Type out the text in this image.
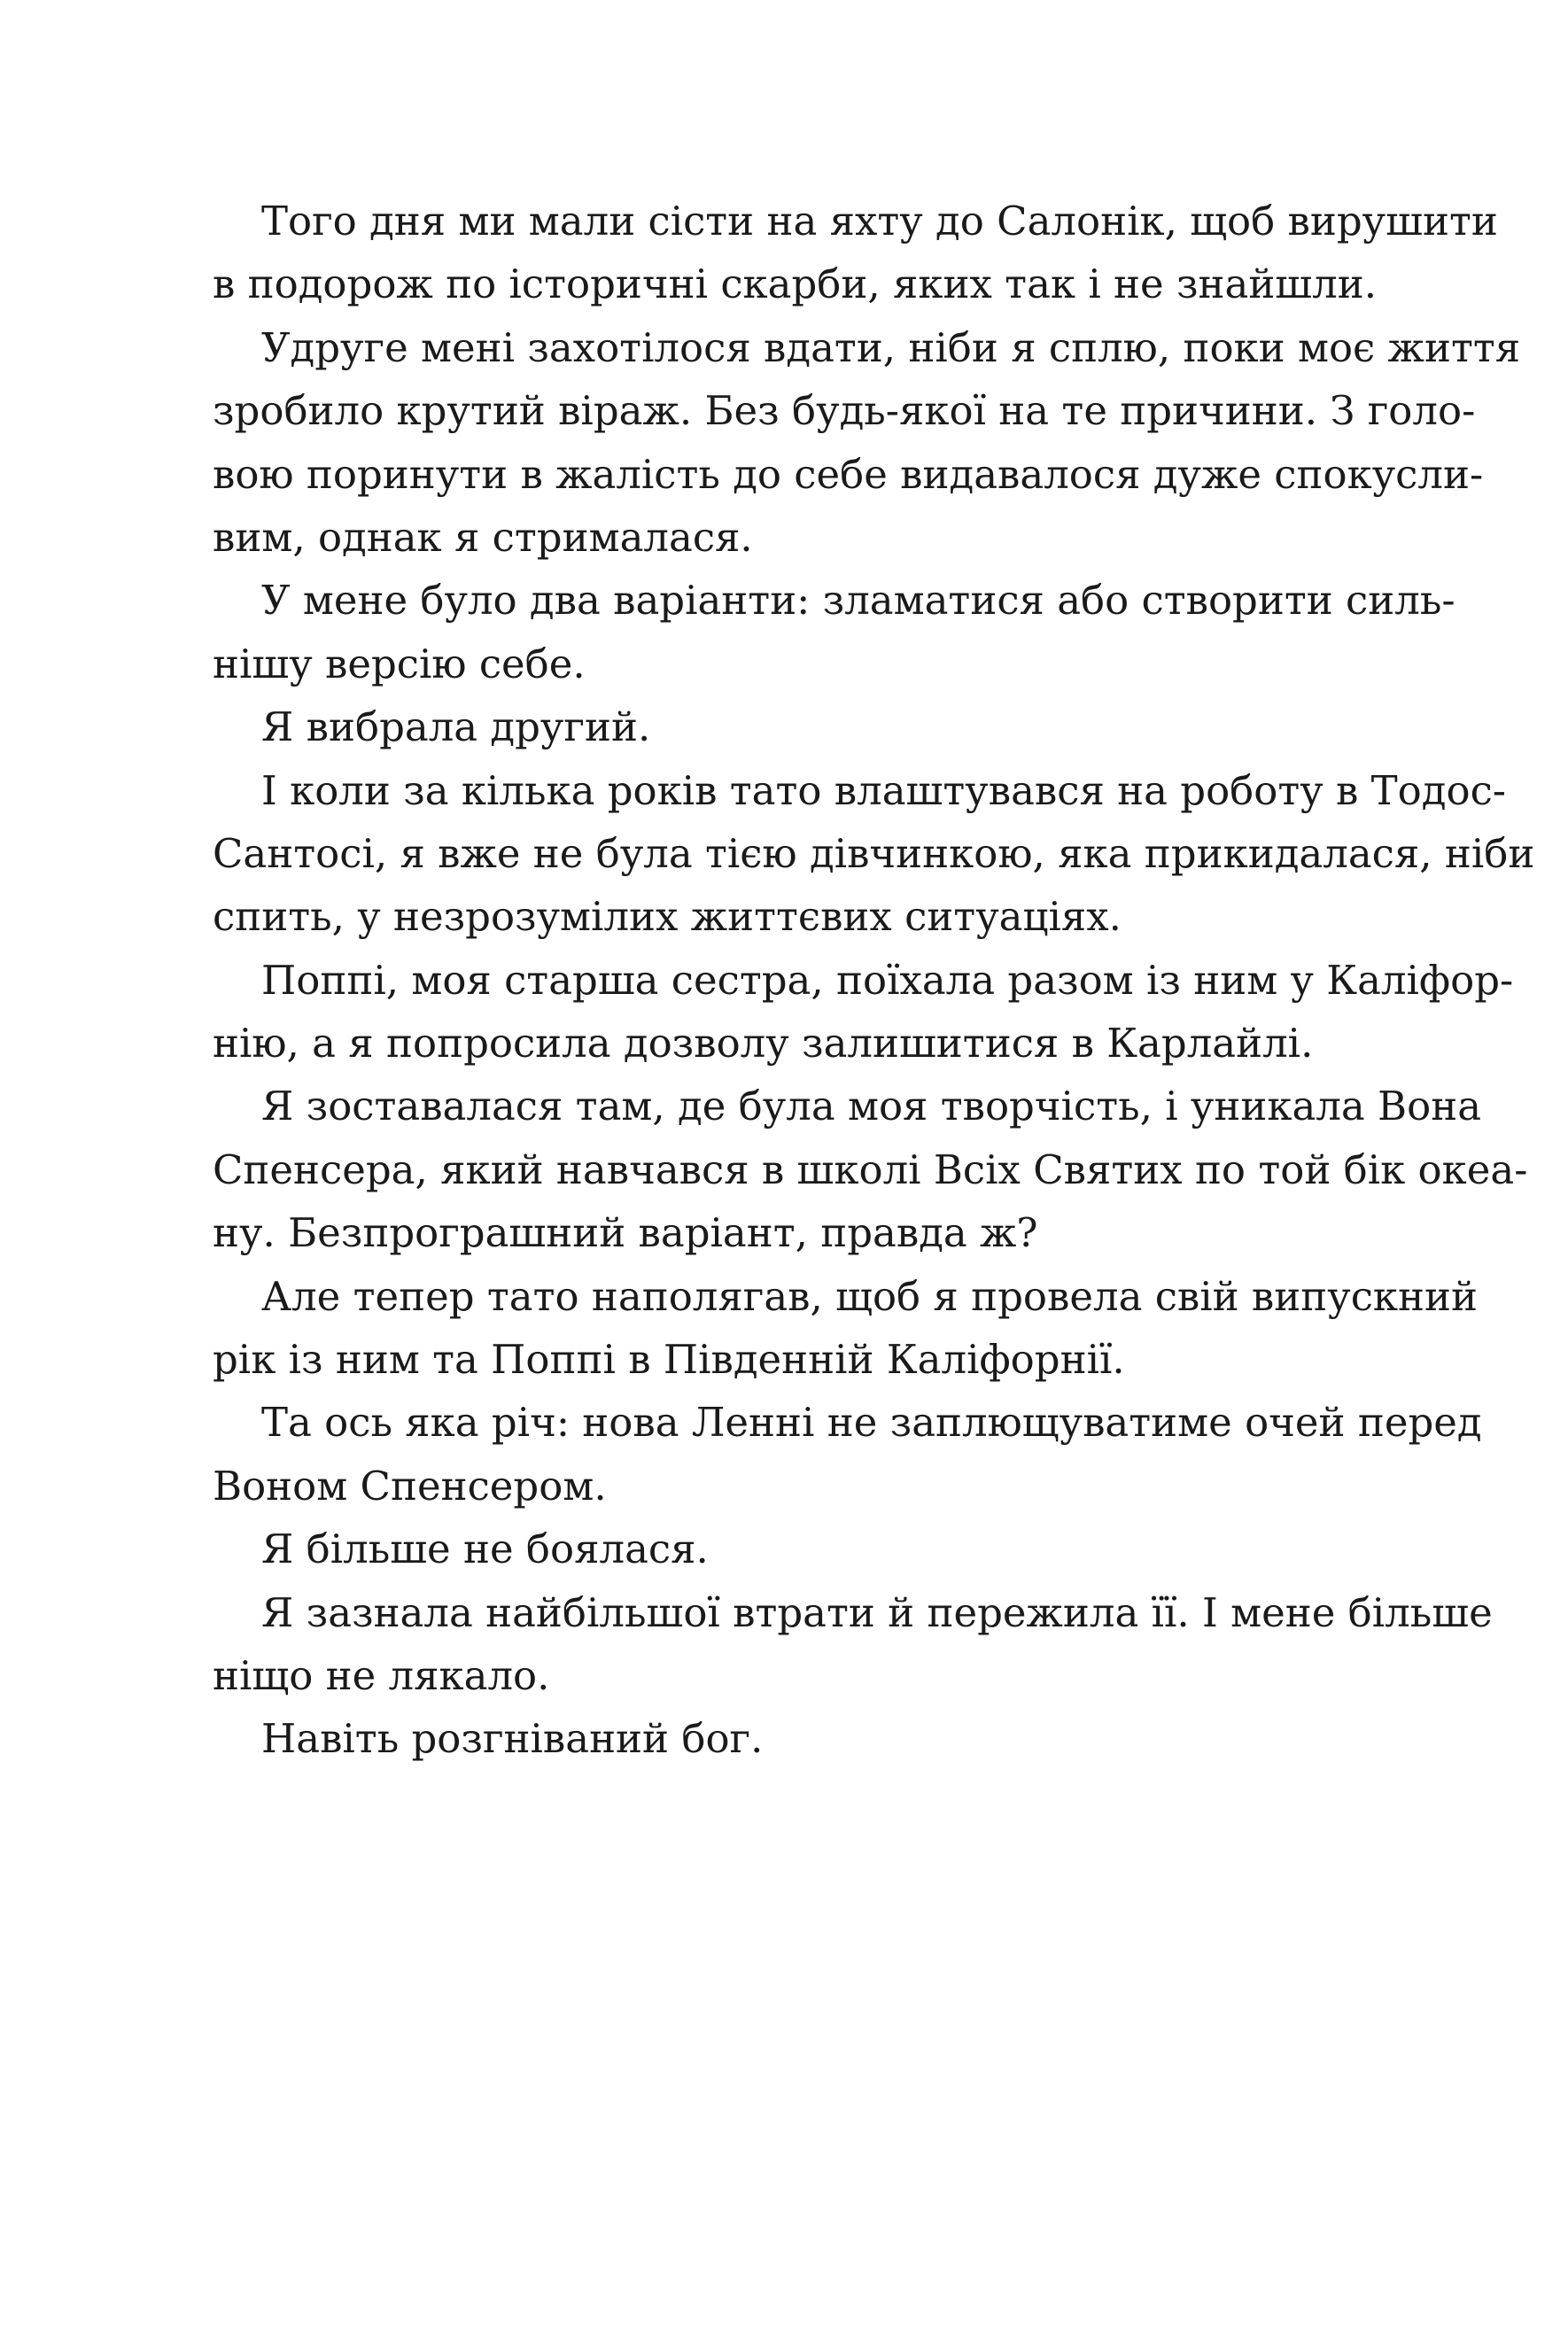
Того дня ми мали сісти на яхту до Салонік, щоб вирушити
в подорож по історичні скарби, яких так і не знайшли.
Удруге мені захотілося вдати, ніби я сплю, поки моє життя
зробило крутий віраж. Без будь-якої на те причини. З голо-
вою поринути в жалість до себе видавалося дуже спокусли-
вим, однак я стрималася.
У мене було два варіанти: зламатися або створити силь-
нішу версію себе.
Я вибрала другий.
І коли за кілька років тато влаштувався на роботу в Тодос-
Сантосі, я вже не була тією дівчинкою, яка прикидалася, ніби
спить, у незрозумілих життєвих ситуаціях.
Поппі, моя старша сестра, поїхала разом із ним у Каліфор-
нію, а я попросила дозволу залишитися в Карлайлі.
Я зоставалася там, де була моя творчість, і уникала Вона
Спенсера, який навчався в школі Всіх Святих по той бік океа-
ну. Безпрограшний варіант, правда ж?
Але тепер тато наполягав, щоб я провела свій випускний
рік із ним та Поппі в Південній Каліфорнії.
Та ось яка річ: нова Ленні не заплющуватиме очей перед
Воном Спенсером.
Я більше не боялася.
Я зазнала найбільшої втрати й пережила її. І мене більше
ніщо не лякало.
Навіть розгніваний бог.
